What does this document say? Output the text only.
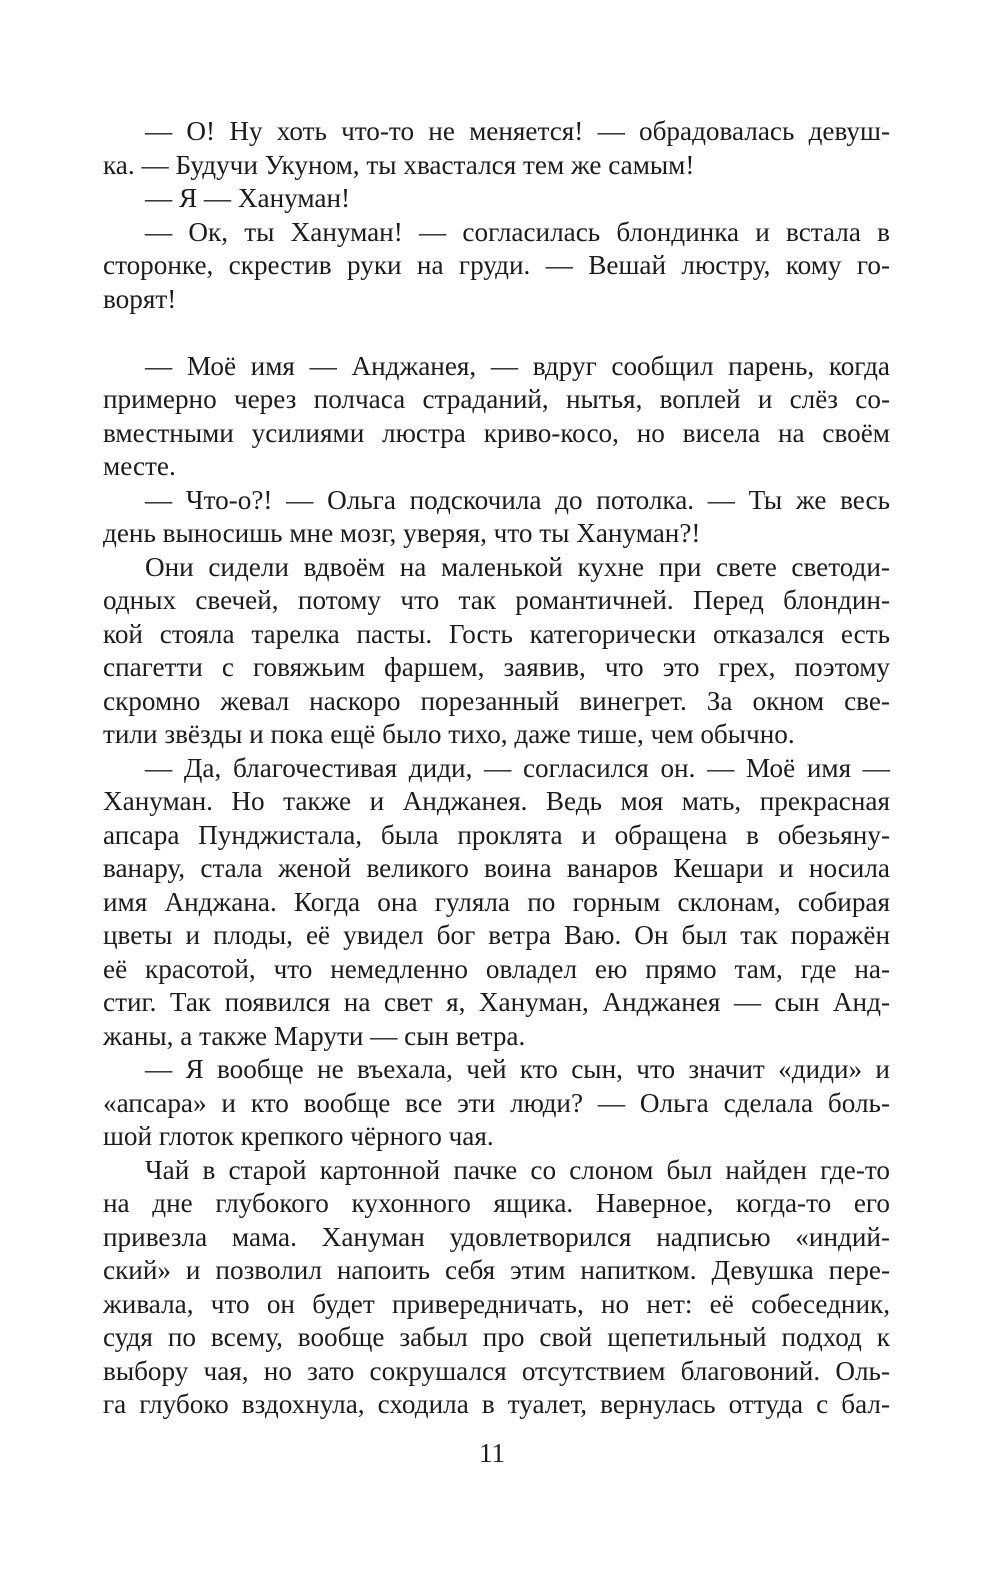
— О! Ну хоть что-то не меняется! — обрадовалась девуш-
ка. — Будучи Укуном, ты хвастался тем же самым!
— Я — Хануман!
— Ок, ты Хануман! — согласилась блондинка и встала в
сторонке, скрестив руки на груди. — Вешай люстру, кому го-
ворят!
— Моё имя — Анджанея, — вдруг сообщил парень, когда
примерно через полчаса страданий, нытья, воплей и слёз со-
вместными усилиями люстра криво-косо, но висела на своём
месте.
— Что-о?! — Ольга подскочила до потолка. — Ты же весь
день выносишь мне мозг, уверяя, что ты Хануман?!
Они сидели вдвоём на маленькой кухне при свете светоди-
одных свечей, потому что так романтичней. Перед блондин-
кой стояла тарелка пасты. Гость категорически отказался есть
спагетти с говяжьим фаршем, заявив, что это грех, поэтому
скромно жевал наскоро порезанный винегрет. За окном све-
тили звёзды и пока ещё было тихо, даже тише, чем обычно.
— Да, благочестивая диди, — согласился он. — Моё имя —
Хануман. Но также и Анджанея. Ведь моя мать, прекрасная
апсара Пунджистала, была проклята и обращена в обезьяну-
ванару, стала женой великого воина ванаров Кешари и носила
имя Анджана. Когда она гуляла по горным склонам, собирая
цветы и плоды, её увидел бог ветра Ваю. Он был так поражён
её красотой, что немедленно овладел ею прямо там, где на-
стиг. Так появился на свет я, Хануман, Анджанея — сын Анд-
жаны, а также Марути — сын ветра.
— Я вообще не въехала, чей кто сын, что значит «диди» и
«апсара» и кто вообще все эти люди? — Ольга сделала боль-
шой глоток крепкого чёрного чая.
Чай в старой картонной пачке со слоном был найден где-то
на дне глубокого кухонного ящика. Наверное, когда-то его
привезла мама. Хануман удовлетворился надписью «индий-
ский» и позволил напоить себя этим напитком. Девушка пере-
живала, что он будет привередничать, но нет: её собеседник,
судя по всему, вообще забыл про свой щепетильный подход к
выбору чая, но зато сокрушался отсутствием благовоний. Оль-
га глубоко вздохнула, сходила в туалет, вернулась оттуда с бал-
11
